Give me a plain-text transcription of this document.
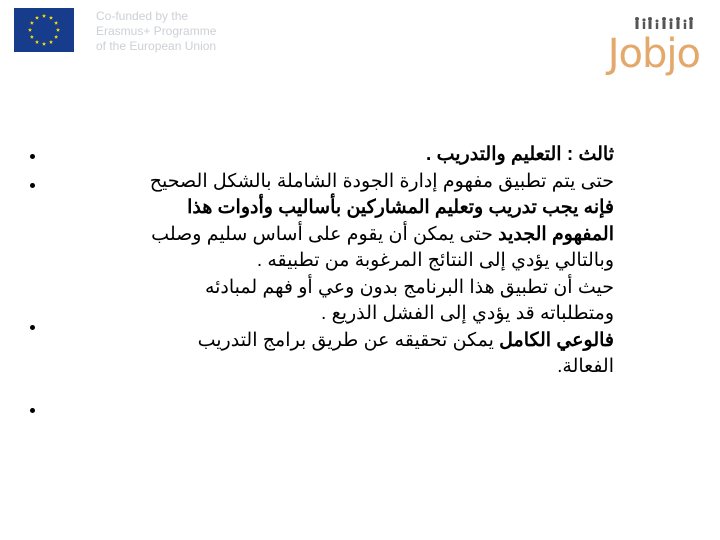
Co-funded by the
Erasmus+ Programme
of the European Union	Jobjo

ثالث : التعليم والتدريب .

حتى يتم تطبيق مفهوم إدارة الجودة الشاملة بالشكل الصحيح

فإنه يجب تدريب وتعليم المشاركين بأساليب وأدوات هذا

المفهوم الجديد حتى يمكن أن يقوم على أساس سليم وصلب

وبالتالي يؤدي إلى النتائج المرغوبة من تطبيقه .

حيث أن تطبيق هذا البرنامج بدون وعي أو فهم لمبادئه

ومتطلباته قد يؤدي إلى الفشل الذريع .

فالوعي الكامل يمكن تحقيقه عن طريق برامج التدريب

الفعالة.
